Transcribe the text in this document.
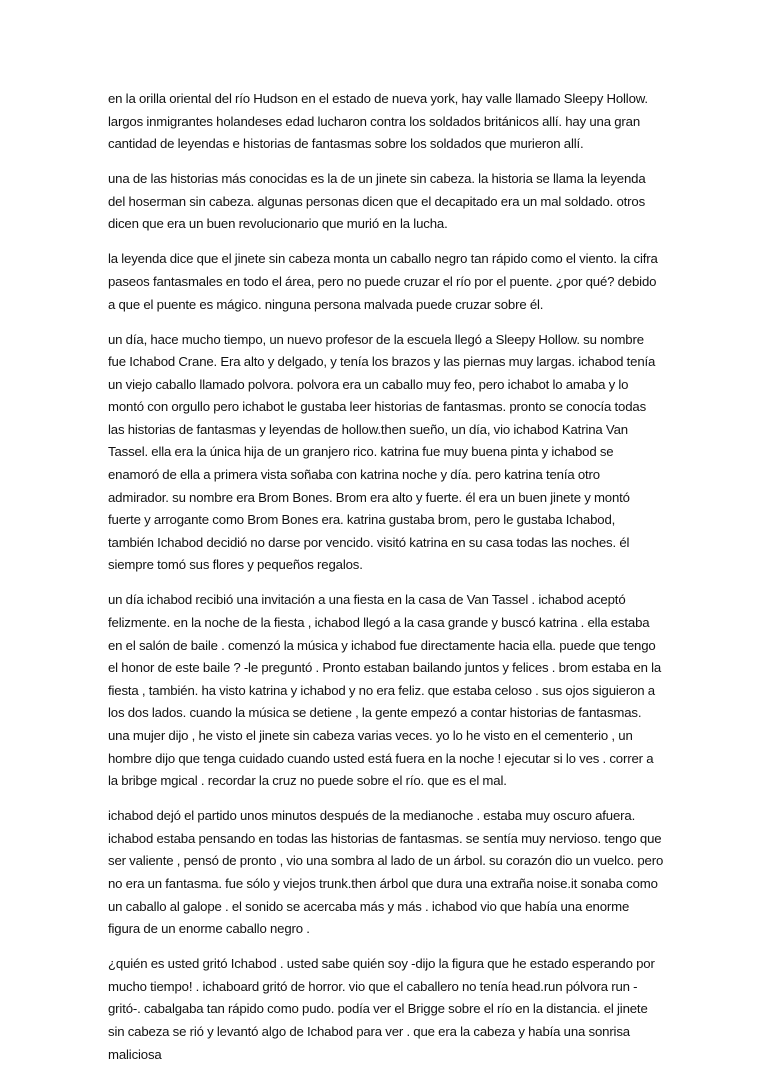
en la orilla oriental del río Hudson en el estado de nueva york, hay valle llamado Sleepy Hollow. largos inmigrantes holandeses edad lucharon contra los soldados británicos allí. hay una gran cantidad de leyendas e historias de fantasmas sobre los soldados que murieron allí.

una de las historias más conocidas es la de un jinete sin cabeza. la historia se llama la leyenda del hoserman sin cabeza. algunas personas dicen que el decapitado era un mal soldado. otros dicen que era un buen revolucionario que murió en la lucha.

la leyenda dice que el jinete sin cabeza monta un caballo negro tan rápido como el viento. la cifra paseos fantasmales en todo el área, pero no puede cruzar el río por el puente. ¿por qué? debido a que el puente es mágico. ninguna persona malvada puede cruzar sobre él.

un día, hace mucho tiempo, un nuevo profesor de la escuela llegó a Sleepy Hollow. su nombre fue Ichabod Crane. Era alto y delgado, y tenía los brazos y las piernas muy largas. ichabod tenía un viejo caballo llamado polvora. polvora era un caballo muy feo, pero ichabot lo amaba y lo montó con orgullo pero ichabot le gustaba leer historias de fantasmas. pronto se conocía todas las historias de fantasmas y leyendas de hollow.then sueño, un día, vio ichabod Katrina Van Tassel. ella era la única hija de un granjero rico. katrina fue muy buena pinta y ichabod se enamoró de ella a primera vista soñaba con katrina noche y día. pero katrina tenía otro admirador. su nombre era Brom Bones. Brom era alto y fuerte. él era un buen jinete y montó fuerte y arrogante como Brom Bones era. katrina gustaba brom, pero le gustaba Ichabod, también Ichabod decidió no darse por vencido. visitó katrina en su casa todas las noches. él siempre tomó sus flores y pequeños regalos.

un día ichabod recibió una invitación a una fiesta en la casa de Van Tassel . ichabod aceptó felizmente. en la noche de la fiesta , ichabod llegó a la casa grande y buscó katrina . ella estaba en el salón de baile . comenzó la música y ichabod fue directamente hacia ella. puede que tengo el honor de este baile ? -le preguntó . Pronto estaban bailando juntos y felices . brom estaba en la fiesta , también. ha visto katrina y ichabod y no era feliz. que estaba celoso . sus ojos siguieron a los dos lados. cuando la música se detiene , la gente empezó a contar historias de fantasmas. una mujer dijo , he visto el jinete sin cabeza varias veces. yo lo he visto en el cementerio , un hombre dijo que tenga cuidado cuando usted está fuera en la noche ! ejecutar si lo ves . correr a la bribge mgical . recordar la cruz no puede sobre el río. que es el mal.

ichabod dejó el partido unos minutos después de la medianoche . estaba muy oscuro afuera. ichabod estaba pensando en todas las historias de fantasmas. se sentía muy nervioso. tengo que ser valiente , pensó de pronto , vio una sombra al lado de un árbol. su corazón dio un vuelco. pero no era un fantasma. fue sólo y viejos trunk.then árbol que dura una extraña noise.it sonaba como un caballo al galope . el sonido se acercaba más y más . ichabod vio que había una enorme figura de un enorme caballo negro .

¿quién es usted gritó Ichabod . usted sabe quién soy -dijo la figura que he estado esperando por mucho tiempo! . ichaboard gritó de horror. vio que el caballero no tenía head.run pólvora run - gritó-. cabalgaba tan rápido como pudo. podía ver el Brigge sobre el río en la distancia. el jinete sin cabeza se rió y levantó algo de Ichabod para ver . que era la cabeza y había una sonrisa maliciosa
